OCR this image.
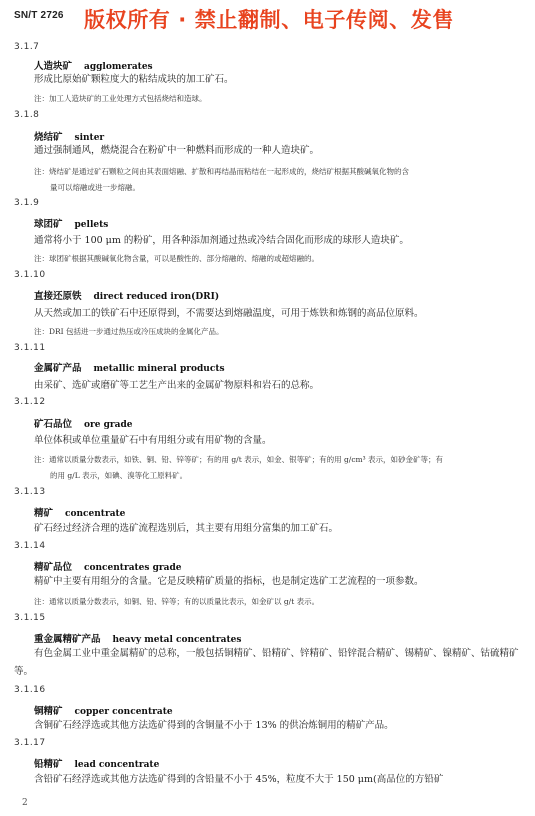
SN/T 2726 版权所有 · 禁止翻制、电子传阅、发售
3.1.7
人造块矿 agglomerates
形成比原始矿颗粒度大的粘结成块的加工矿石。
注：加工人造块矿的工业处理方式包括烧结和造球。
3.1.8
烧结矿 sinter
通过强制通风，燃烧混合在粉矿中一种燃料而形成的一种人造块矿。
注：烧结矿是通过矿石颗粒之间由其表面熔融、扩散和再结晶而粘结在一起形成的，烧结矿根据其酸碱氧化物的含
量可以熔融或进一步熔融。
3.1.9
球团矿 pellets
通常将小于 100 μm 的粉矿，用各种添加剂通过热或冷结合固化而形成的球形人造块矿。
注：球团矿根据其酸碱氧化物含量，可以是酸性的、部分熔融的、熔融的或超熔融的。
3.1.10
直接还原铁 direct reduced iron(DRI)
从天然或加工的铁矿石中还原得到，不需要达到熔融温度，可用于炼铁和炼钢的高品位原料。
注：DRI 包括进一步通过热压或冷压成块的金属化产品。
3.1.11
金属矿产品 metallic mineral products
由采矿、选矿或磨矿等工艺生产出来的金属矿物原料和岩石的总称。
3.1.12
矿石品位 ore grade
单位体积或单位重量矿石中有用组分或有用矿物的含量。
注：通常以质量分数表示，如铁、铜、铅、锌等矿；有的用 g/t 表示，如金、银等矿；有的用 g/cm³ 表示，如砂金矿等；有
的用 g/L 表示，如碘、溴等化工原料矿。
3.1.13
精矿 concentrate
矿石经过经济合理的选矿流程选别后，其主要有用组分富集的加工矿石。
3.1.14
精矿品位 concentrates grade
精矿中主要有用组分的含量。它是反映精矿质量的指标，也是制定选矿工艺流程的一项参数。
注：通常以质量分数表示，如铜、铅、锌等；有的以质量比表示，如金矿以 g/t 表示。
3.1.15
重金属精矿产品 heavy metal concentrates
有色金属工业中重金属精矿的总称，一般包括铜精矿、铅精矿、锌精矿、铅锌混合精矿、锡精矿、镍精矿、钴硫精矿等。
3.1.16
铜精矿 copper concentrate
含铜矿石经浮选或其他方法选矿得到的含铜量不小于 13% 的供冶炼铜用的精矿产品。
3.1.17
铅精矿 lead concentrate
含铅矿石经浮选或其他方法选矿得到的含铅量不小于 45%，粒度不大于 150 μm(高品位的方铅矿
2
